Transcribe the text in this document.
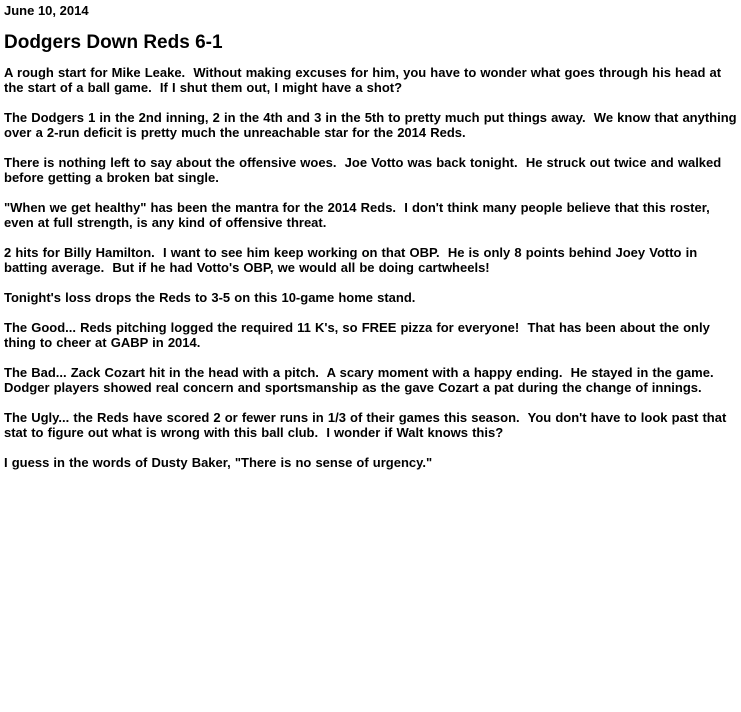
June 10, 2014
Dodgers Down Reds 6-1

A rough start for Mike Leake.  Without making excuses for him, you have to wonder what goes through his head at the start of a ball game.  If I shut them out, I might have a shot?

The Dodgers 1 in the 2nd inning, 2 in the 4th and 3 in the 5th to pretty much put things away.  We know that anything over a 2-run deficit is pretty much the unreachable star for the 2014 Reds.

There is nothing left to say about the offensive woes.  Joe Votto was back tonight.  He struck out twice and walked before getting a broken bat single.

"When we get healthy" has been the mantra for the 2014 Reds.  I don't think many people believe that this roster, even at full strength, is any kind of offensive threat.

2 hits for Billy Hamilton.  I want to see him keep working on that OBP.  He is only 8 points behind Joey Votto in batting average.  But if he had Votto's OBP, we would all be doing cartwheels!

Tonight's loss drops the Reds to 3-5 on this 10-game home stand.

The Good... Reds pitching logged the required 11 K's, so FREE pizza for everyone!  That has been about the only thing to cheer at GABP in 2014.

The Bad... Zack Cozart hit in the head with a pitch.  A scary moment with a happy ending.  He stayed in the game.  Dodger players showed real concern and sportsmanship as the gave Cozart a pat during the change of innings.

The Ugly... the Reds have scored 2 or fewer runs in 1/3 of their games this season.  You don't have to look past that stat to figure out what is wrong with this ball club.  I wonder if Walt knows this?

I guess in the words of Dusty Baker, "There is no sense of urgency."
